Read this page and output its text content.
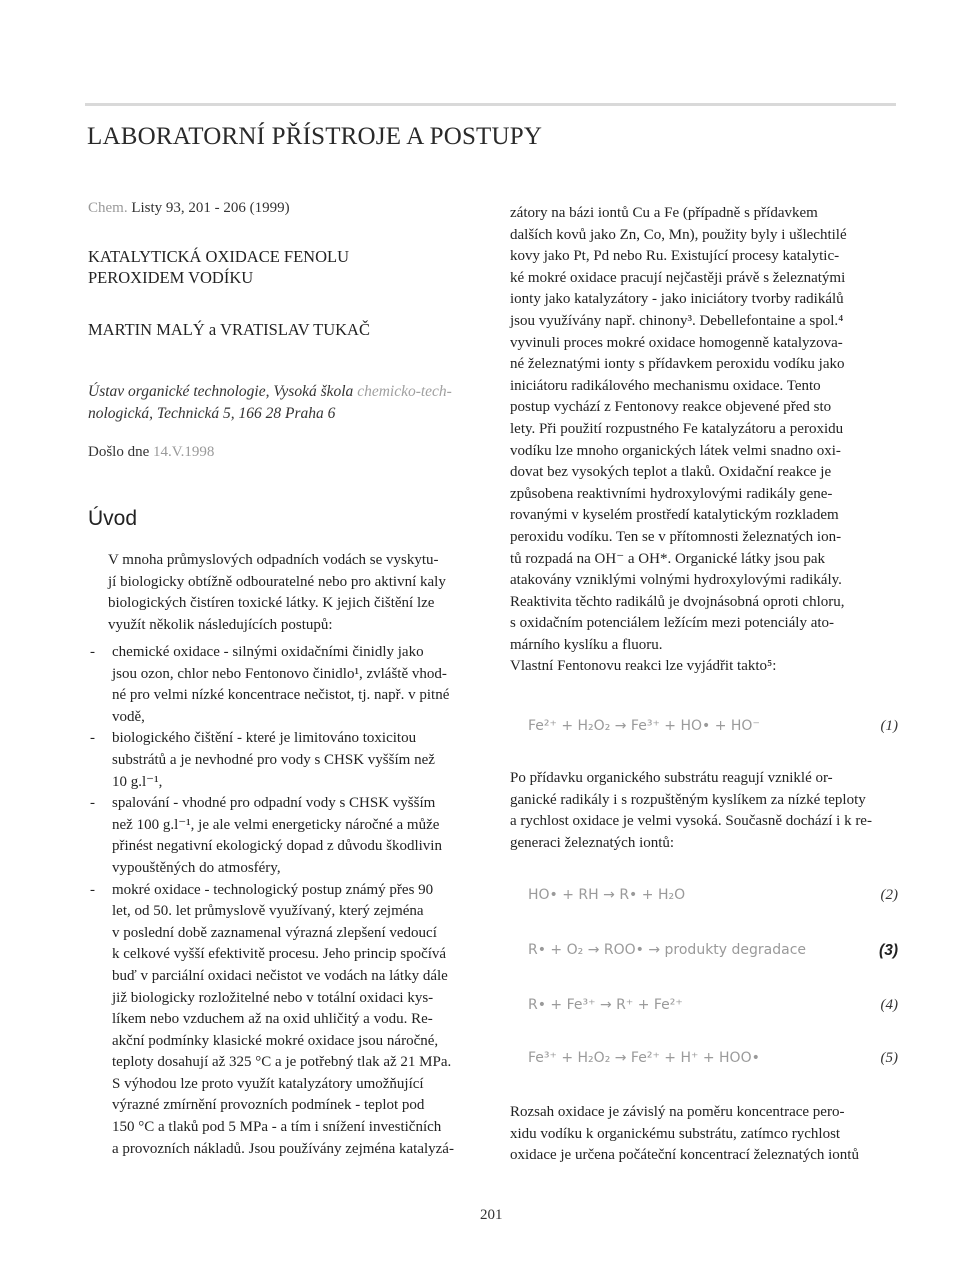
LABORATORNÍ PŘÍSTROJE A POSTUPY
Chem. Listy 93, 201 - 206 (1999)
KATALYTICKÁ OXIDACE FENOLU
PEROXIDEM VODÍKU
MARTIN MALÝ a VRATISLAV TUKAČ
Ústav organické technologie, Vysoká škola chemicko-tech-
nologická, Technická 5, 166 28 Praha 6
Došlo dne 14.V.1998
Úvod
V mnoha průmyslových odpadních vodách se vyskytu-
jí biologicky obtížně odbouratelné nebo pro aktivní kaly
biologických čistíren toxické látky. K jejich čištění lze
využít několik následujících postupů:
- chemické oxidace - silnými oxidačními činidly jako
jsou ozon, chlor nebo Fentonovo činidlo¹, zvláště vhod-
né pro velmi nízké koncentrace nečistot, tj. např. v pitné
vodě,
- biologického čištění - které je limitováno toxicitou
substrátů a je nevhodné pro vody s CHSK vyšším než
10 g.l⁻¹,
- spalování - vhodné pro odpadní vody s CHSK vyšším
než 100 g.l⁻¹, je ale velmi energeticky náročné a může
přinést negativní ekologický dopad z důvodu škodlivin
vypouštěných do atmosféry,
- mokré oxidace - technologický postup známý přes 90
let, od 50. let průmyslově využívaný, který zejména
v poslední době zaznamenal výrazná zlepšení vedoucí
k celkové vyšší efektivitě procesu. Jeho princip spočívá
buď v parciální oxidaci nečistot ve vodách na látky dále
již biologicky rozložitelné nebo v totální oxidaci kys-
líkem nebo vzduchem až na oxid uhličitý a vodu. Re-
akční podmínky klasické mokré oxidace jsou náročné,
teploty dosahují až 325 °C a je potřebný tlak až 21 MPa.
S výhodou lze proto využít katalyzátory umožňující
výrazné zmírnění provozních podmínek - teplot pod
150 °C a tlaků pod 5 MPa - a tím i snížení investičních
a provozních nákladů. Jsou používány zejména katalyzá-
zátory na bázi iontů Cu a Fe (případně s přídavkem
dalších kovů jako Zn, Co, Mn), použity byly i ušlechtilé
kovy jako Pt, Pd nebo Ru. Existující procesy katalytic-
ké mokré oxidace pracují nejčastěji právě s železnatými
ionty jako katalyzátory - jako iniciátory tvorby radikálů
jsou využívány např. chinony³. Debellefontaine a spol.⁴
vyvinuli proces mokré oxidace homogenně katalyzova-
né železnatými ionty s přídavkem peroxidu vodíku jako
iniciátoru radikálového mechanismu oxidace. Tento
postup vychází z Fentonovy reakce objevené před sto
lety. Při použití rozpustného Fe katalyzátoru a peroxidu
vodíku lze mnoho organických látek velmi snadno oxi-
dovat bez vysokých teplot a tlaků. Oxidační reakce je
způsobena reaktivními hydroxylovými radikály gene-
rovanými v kyselém prostředí katalytickým rozkladem
peroxidu vodíku. Ten se v přítomnosti železnatých ion-
tů rozpadá na OH⁻ a OH*. Organické látky jsou pak
atakovány vzniklými volnými hydroxylovými radikály.
Reaktivita těchto radikálů je dvojnásobná oproti chloru,
s oxidačním potenciálem ležícím mezi potenciály ato-
márního kyslíku a fluoru.
Vlastní Fentonovu reakci lze vyjádřit takto⁵:
Fe²⁺ + H₂O₂ → Fe³⁺ + HO• + HO⁻	(1)
Po přídavku organického substrátu reagují vzniklé or-
ganické radikály i s rozpuštěným kyslíkem za nízké teploty
a rychlost oxidace je velmi vysoká. Současně dochází i k re-
generaci železnatých iontů:
HO• + RH → R• + H₂O	(2)
R• + O₂ → ROO• → produkty degradace	(3)
R• + Fe³⁺ → R⁺ + Fe²⁺	(4)
Fe³⁺ + H₂O₂ → Fe²⁺ + H⁺ + HOO•	(5)
Rozsah oxidace je závislý na poměru koncentrace pero-
xidu vodíku k organickému substrátu, zatímco rychlost
oxidace je určena počáteční koncentrací železnatých iontů
201
